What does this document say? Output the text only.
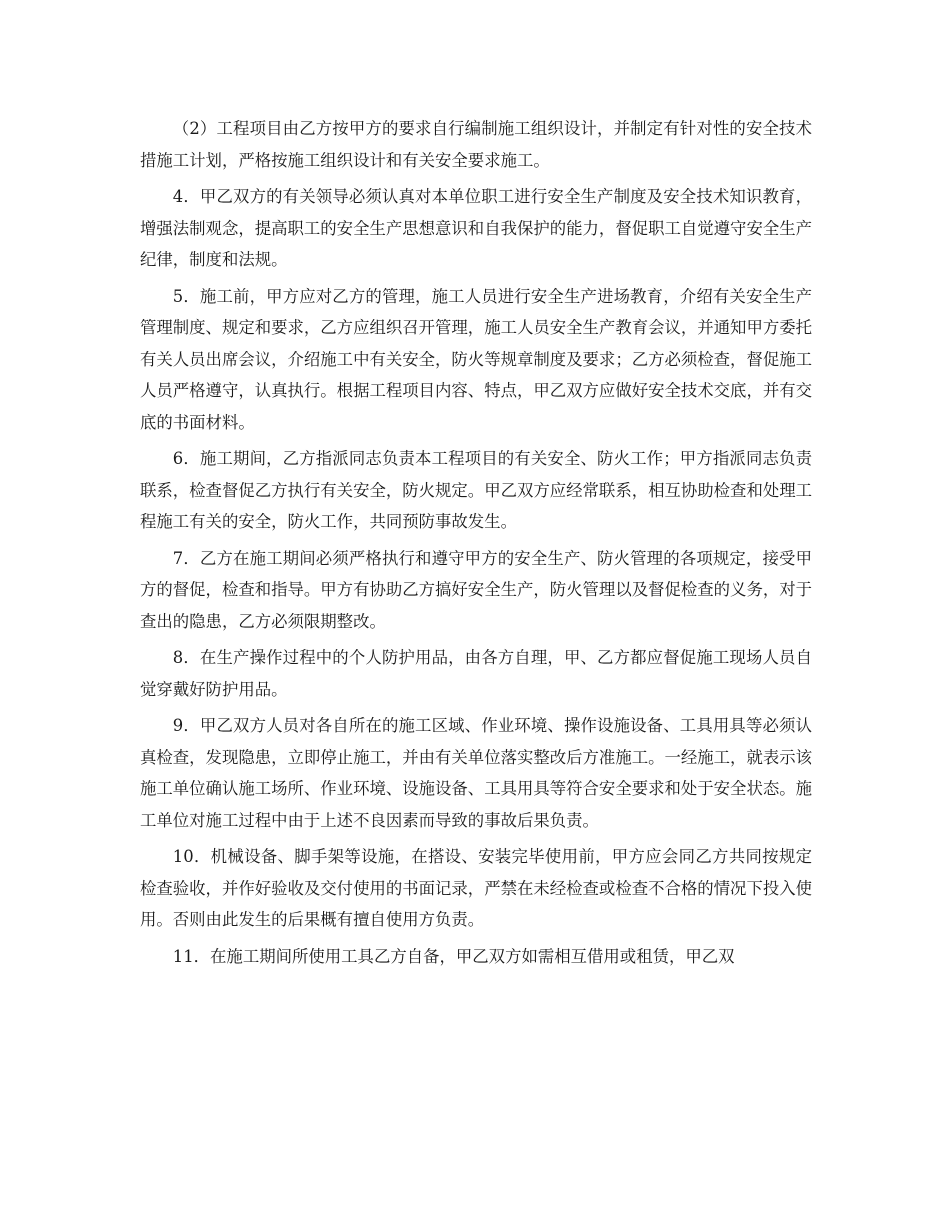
（2）工程项目由乙方按甲方的要求自行编制施工组织设计，并制定有针对性的安全技术措施工计划，严格按施工组织设计和有关安全要求施工。

4．甲乙双方的有关领导必须认真对本单位职工进行安全生产制度及安全技术知识教育，增强法制观念，提高职工的安全生产思想意识和自我保护的能力，督促职工自觉遵守安全生产纪律，制度和法规。

5．施工前，甲方应对乙方的管理，施工人员进行安全生产进场教育，介绍有关安全生产管理制度、规定和要求，乙方应组织召开管理，施工人员安全生产教育会议，并通知甲方委托有关人员出席会议，介绍施工中有关安全，防火等规章制度及要求；乙方必须检查，督促施工人员严格遵守，认真执行。根据工程项目内容、特点，甲乙双方应做好安全技术交底，并有交底的书面材料。

6．施工期间，乙方指派同志负责本工程项目的有关安全、防火工作；甲方指派同志负责联系，检查督促乙方执行有关安全，防火规定。甲乙双方应经常联系，相互协助检查和处理工程施工有关的安全，防火工作，共同预防事故发生。

7．乙方在施工期间必须严格执行和遵守甲方的安全生产、防火管理的各项规定，接受甲方的督促，检查和指导。甲方有协助乙方搞好安全生产，防火管理以及督促检查的义务，对于查出的隐患，乙方必须限期整改。

8．在生产操作过程中的个人防护用品，由各方自理，甲、乙方都应督促施工现场人员自觉穿戴好防护用品。

9．甲乙双方人员对各自所在的施工区域、作业环境、操作设施设备、工具用具等必须认真检查，发现隐患，立即停止施工，并由有关单位落实整改后方准施工。一经施工，就表示该施工单位确认施工场所、作业环境、设施设备、工具用具等符合安全要求和处于安全状态。施工单位对施工过程中由于上述不良因素而导致的事故后果负责。

10．机械设备、脚手架等设施，在搭设、安装完毕使用前，甲方应会同乙方共同按规定检查验收，并作好验收及交付使用的书面记录，严禁在未经检查或检查不合格的情况下投入使用。否则由此发生的后果概有擅自使用方负责。

11．在施工期间所使用工具乙方自备，甲乙双方如需相互借用或租赁，甲乙双
